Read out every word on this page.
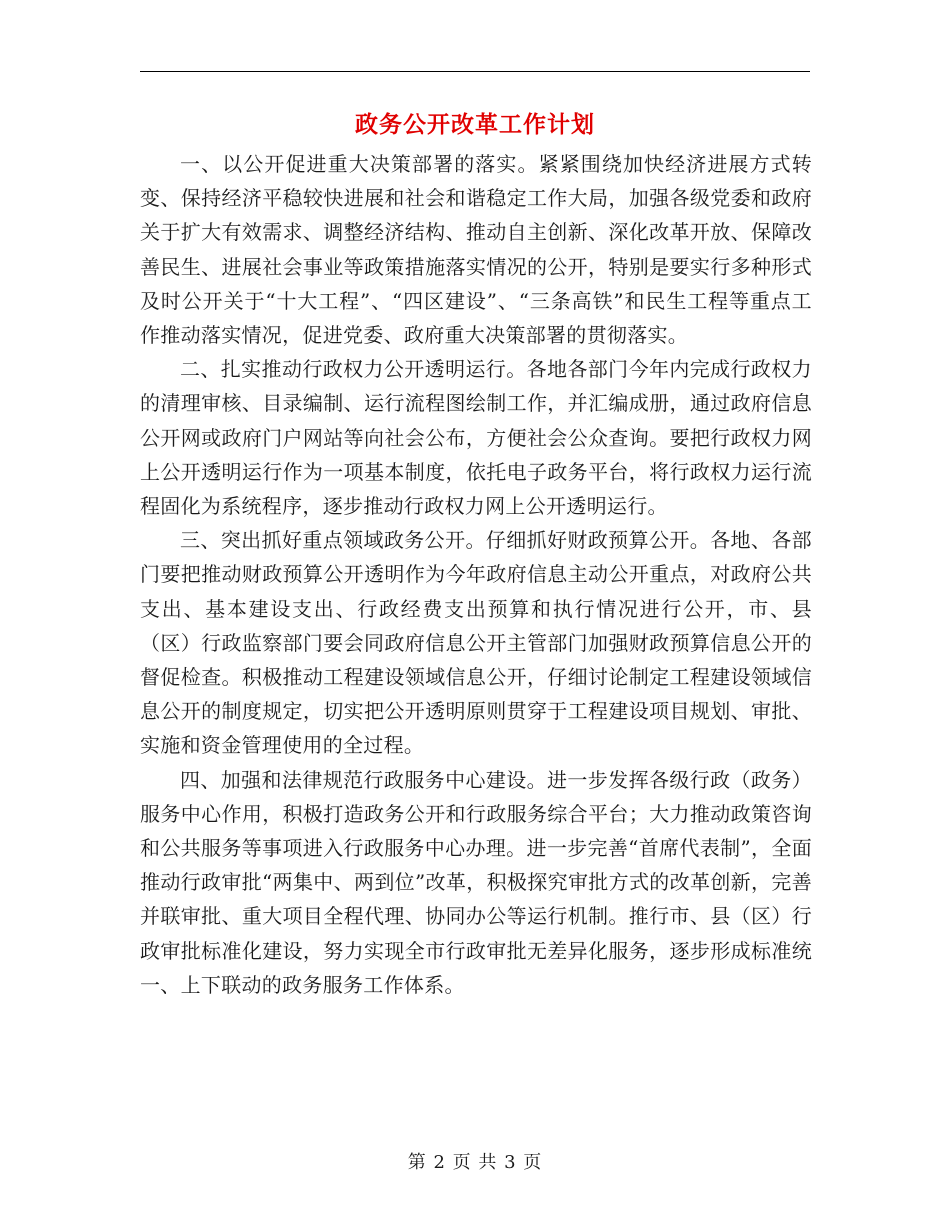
政务公开改革工作计划

一、以公开促进重大决策部署的落实。紧紧围绕加快经济进展方式转变、保持经济平稳较快进展和社会和谐稳定工作大局，加强各级党委和政府关于扩大有效需求、调整经济结构、推动自主创新、深化改革开放、保障改善民生、进展社会事业等政策措施落实情况的公开，特别是要实行多种形式及时公开关于“十大工程”、“四区建设”、“三条高铁”和民生工程等重点工作推动落实情况，促进党委、政府重大决策部署的贯彻落实。

二、扎实推动行政权力公开透明运行。各地各部门今年内完成行政权力的清理审核、目录编制、运行流程图绘制工作，并汇编成册，通过政府信息公开网或政府门户网站等向社会公布，方便社会公众查询。要把行政权力网上公开透明运行作为一项基本制度，依托电子政务平台，将行政权力运行流程固化为系统程序，逐步推动行政权力网上公开透明运行。

三、突出抓好重点领域政务公开。仔细抓好财政预算公开。各地、各部门要把推动财政预算公开透明作为今年政府信息主动公开重点，对政府公共支出、基本建设支出、行政经费支出预算和执行情况进行公开，市、县（区）行政监察部门要会同政府信息公开主管部门加强财政预算信息公开的督促检查。积极推动工程建设领域信息公开，仔细讨论制定工程建设领域信息公开的制度规定，切实把公开透明原则贯穿于工程建设项目规划、审批、实施和资金管理使用的全过程。

四、加强和法律规范行政服务中心建设。进一步发挥各级行政（政务）服务中心作用，积极打造政务公开和行政服务综合平台；大力推动政策咨询和公共服务等事项进入行政服务中心办理。进一步完善“首席代表制”，全面推动行政审批“两集中、两到位”改革，积极探究审批方式的改革创新，完善并联审批、重大项目全程代理、协同办公等运行机制。推行市、县（区）行政审批标准化建设，努力实现全市行政审批无差异化服务，逐步形成标准统一、上下联动的政务服务工作体系。

第 2 页 共 3 页
